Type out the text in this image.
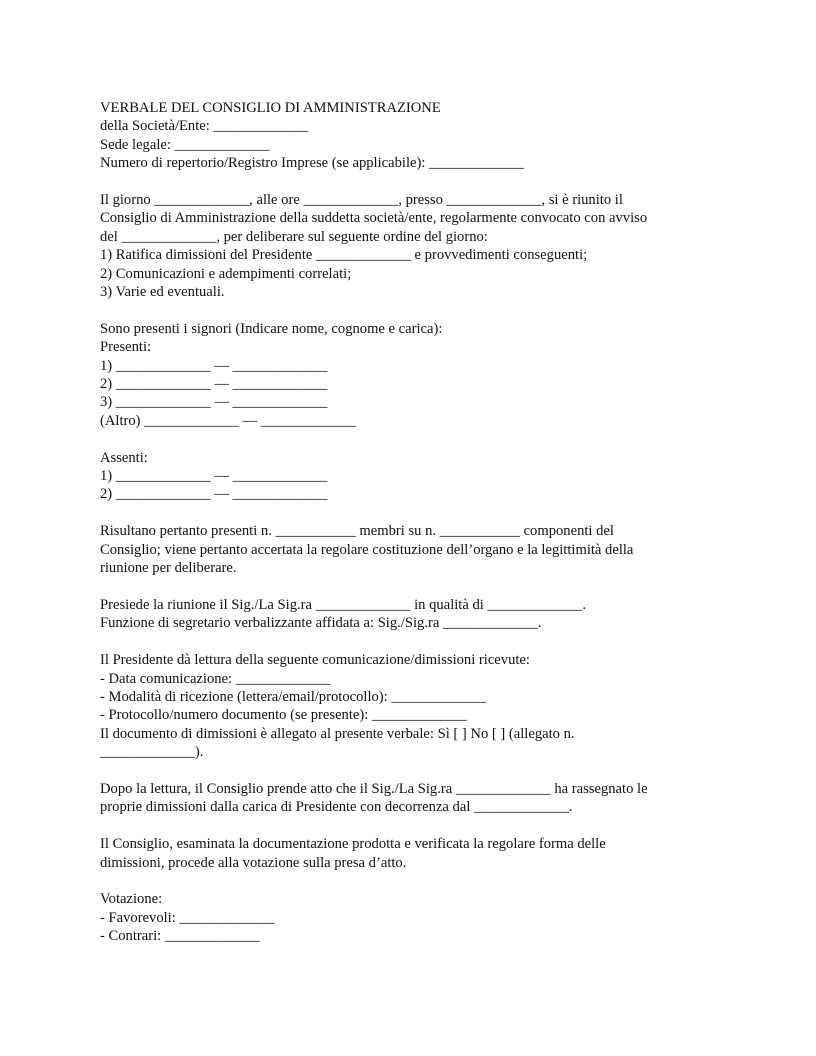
VERBALE DEL CONSIGLIO DI AMMINISTRAZIONE
della Società/Ente: _____________
Sede legale: _____________
Numero di repertorio/Registro Imprese (se applicabile): _____________
Il giorno _____________, alle ore _____________, presso _____________, si è riunito il
Consiglio di Amministrazione della suddetta società/ente, regolarmente convocato con avviso
del _____________, per deliberare sul seguente ordine del giorno:
1) Ratifica dimissioni del Presidente _____________ e provvedimenti conseguenti;
2) Comunicazioni e adempimenti correlati;
3) Varie ed eventuali.
Sono presenti i signori (Indicare nome, cognome e carica):
Presenti:
1) _____________ — _____________
2) _____________ — _____________
3) _____________ — _____________
(Altro) _____________ — _____________
Assenti:
1) _____________ — _____________
2) _____________ — _____________
Risultano pertanto presenti n. ___________ membri su n. ___________ componenti del
Consiglio; viene pertanto accertata la regolare costituzione dell’organo e la legittimità della
riunione per deliberare.
Presiede la riunione il Sig./La Sig.ra _____________ in qualità di _____________.
Funzione di segretario verbalizzante affidata a: Sig./Sig.ra _____________.
Il Presidente dà lettura della seguente comunicazione/dimissioni ricevute:
- Data comunicazione: _____________
- Modalità di ricezione (lettera/email/protocollo): _____________
- Protocollo/numero documento (se presente): _____________
Il documento di dimissioni è allegato al presente verbale: Sì [ ] No [ ] (allegato n.
_____________).
Dopo la lettura, il Consiglio prende atto che il Sig./La Sig.ra _____________ ha rassegnato le
proprie dimissioni dalla carica di Presidente con decorrenza dal _____________.
Il Consiglio, esaminata la documentazione prodotta e verificata la regolare forma delle
dimissioni, procede alla votazione sulla presa d’atto.
Votazione:
- Favorevoli: _____________
- Contrari: _____________
